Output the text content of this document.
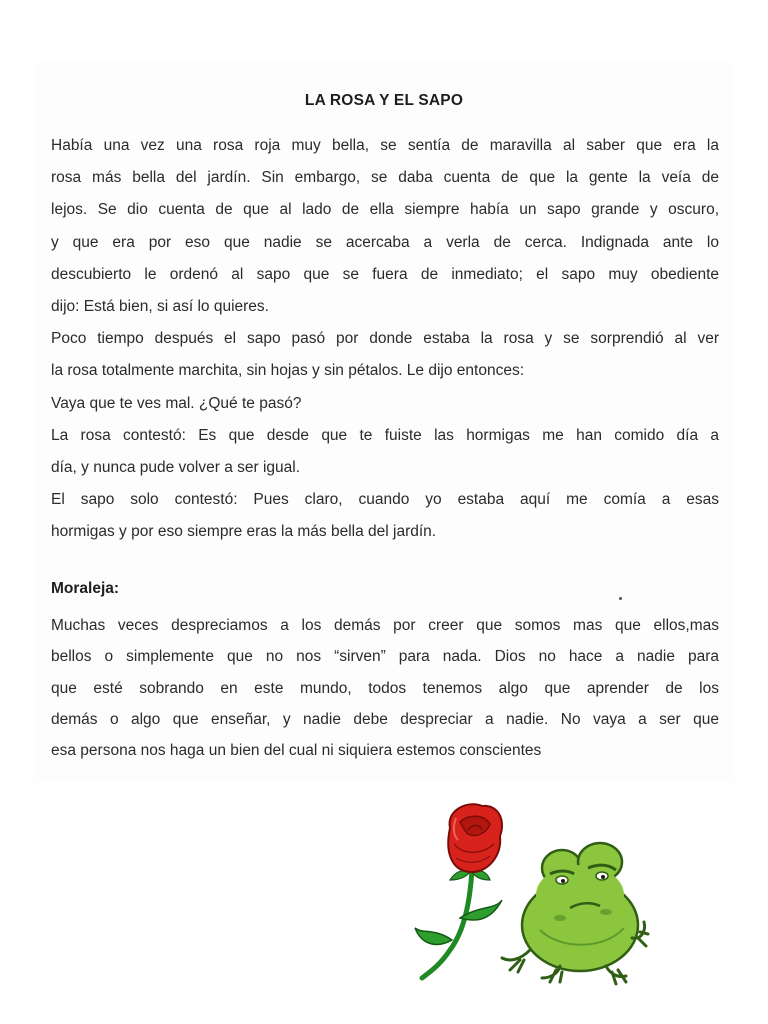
LA ROSA Y EL SAPO
Había una vez una rosa roja muy bella, se sentía de maravilla al saber que era la
rosa más bella del jardín. Sin embargo, se daba cuenta de que la gente la veía de
lejos. Se dio cuenta de que al lado de ella siempre había un sapo grande y oscuro,
y que era por eso que nadie se acercaba a verla de cerca. Indignada ante lo
descubierto le ordenó al sapo que se fuera de inmediato; el sapo muy obediente
dijo: Está bien, si así lo quieres.
Poco tiempo después el sapo pasó por donde estaba la rosa y se sorprendió al ver
la rosa totalmente marchita, sin hojas y sin pétalos. Le dijo entonces:
Vaya que te ves mal. ¿Qué te pasó?
La rosa contestó: Es que desde que te fuiste las hormigas me han comido día a
día, y nunca pude volver a ser igual.
El sapo solo contestó: Pues claro, cuando yo estaba aquí me comía a esas
hormigas y por eso siempre eras la más bella del jardín.
Moraleja:
Muchas veces despreciamos a los demás por creer que somos mas que ellos,mas
bellos o simplemente que no nos “sirven” para nada. Dios no hace a nadie para
que esté sobrando en este mundo, todos tenemos algo que aprender de los
demás o algo que enseñar, y nadie debe despreciar a nadie. No vaya a ser que
esa persona nos haga un bien del cual ni siquiera estemos conscientes
